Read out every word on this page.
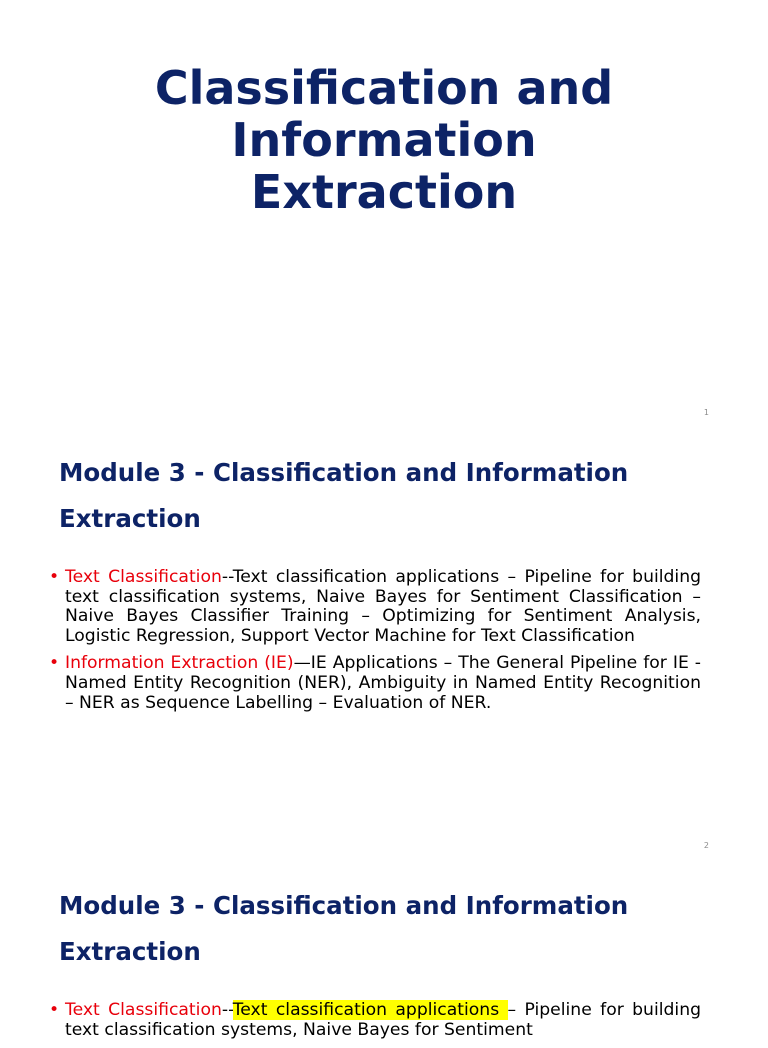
Classification and
Information
Extraction
1
Module 3 - Classification and Information
Extraction
• Text Classification--Text classification applications – Pipeline for building text classification systems, Naive Bayes for Sentiment Classification – Naive Bayes Classifier Training – Optimizing for Sentiment Analysis, Logistic Regression, Support Vector Machine for Text Classification
• Information Extraction (IE)—IE Applications – The General Pipeline for IE - Named Entity Recognition (NER), Ambiguity in Named Entity Recognition – NER as Sequence Labelling – Evaluation of NER.
2
Module 3 - Classification and Information
Extraction
• Text Classification--Text classification applications – Pipeline for building text classification systems, Naive Bayes for Sentiment
